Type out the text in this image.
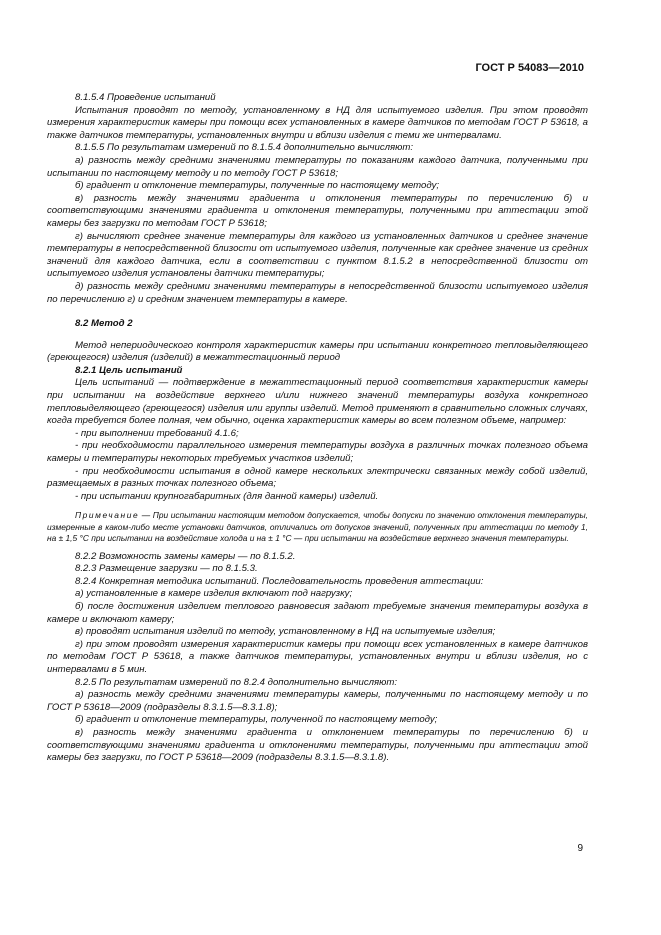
ГОСТ Р 54083—2010

8.1.5.4 Проведение испытаний

Испытания проводят по методу, установленному в НД для испытуемого изделия. При этом проводят измерения характеристик камеры при помощи всех установленных в камере датчиков по методам ГОСТ Р 53618, а также датчиков температуры, установленных внутри и вблизи изделия с теми же интервалами.

8.1.5.5 По результатам измерений по 8.1.5.4 дополнительно вычисляют:

а) разность между средними значениями температуры по показаниям каждого датчика, полученными при испытании по настоящему методу и по методу ГОСТ Р 53618;

б) градиент и отклонение температуры, полученные по настоящему методу;

в) разность между значениями градиента и отклонения температуры по перечислению б) и соответствующими значениями градиента и отклонения температуры, полученными при аттестации этой камеры без загрузки по методам ГОСТ Р 53618;

г) вычисляют среднее значение температуры для каждого из установленных датчиков и среднее значение температуры в непосредственной близости от испытуемого изделия, полученные как среднее значение из средних значений для каждого датчика, если в соответствии с пунктом 8.1.5.2 в непосредственной близости от испытуемого изделия установлены датчики температуры;

д) разность между средними значениями температуры в непосредственной близости испытуемого изделия по перечислению г) и средним значением температуры в камере.

8.2 Метод 2

Метод непериодического контроля характеристик камеры при испытании конкретного тепловыделяющего (греющегося) изделия (изделий) в межаттестационный период

8.2.1 Цель испытаний

Цель испытаний — подтверждение в межаттестационный период соответствия характеристик камеры при испытании на воздействие верхнего и/или нижнего значений температуры воздуха конкретного тепловыделяющего (греющегося) изделия или группы изделий. Метод применяют в сравнительно сложных случаях, когда требуется более полная, чем обычно, оценка характеристик камеры во всем полезном объеме, например:

- при выполнении требований 4.1.6;

- при необходимости параллельного измерения температуры воздуха в различных точках полезного объема камеры и температуры некоторых требуемых участков изделий;

- при необходимости испытания в одной камере нескольких электрически связанных между собой изделий, размещаемых в разных точках полезного объема;

- при испытании крупногабаритных (для данной камеры) изделий.

Примечание — При испытании настоящим методом допускается, чтобы допуски по значению отклонения температуры, измеренные в каком-либо месте установки датчиков, отличались от допусков значений, полученных при аттестации по методу 1, на ± 1,5 °С при испытании на воздействие холода и на ± 1 °С — при испытании на воздействие верхнего значения температуры.

8.2.2 Возможность замены камеры — по 8.1.5.2.

8.2.3 Размещение загрузки — по 8.1.5.3.

8.2.4 Конкретная методика испытаний. Последовательность проведения аттестации:

а) установленные в камере изделия включают под нагрузку;

б) после достижения изделием теплового равновесия задают требуемые значения температуры воздуха в камере и включают камеру;

в) проводят испытания изделий по методу, установленному в НД на испытуемые изделия;

г) при этом проводят измерения характеристик камеры при помощи всех установленных в камере датчиков по методам ГОСТ Р 53618, а также датчиков температуры, установленных внутри и вблизи изделия, но с интервалами в 5 мин.

8.2.5 По результатам измерений по 8.2.4 дополнительно вычисляют:

а) разность между средними значениями температуры камеры, полученными по настоящему методу и по ГОСТ Р 53618—2009 (подразделы 8.3.1.5—8.3.1.8);

б) градиент и отклонение температуры, полученной по настоящему методу;

в) разность между значениями градиента и отклонением температуры по перечислению б) и соответствующими значениями градиента и отклонениями температуры, полученными при аттестации этой камеры без загрузки, по ГОСТ Р 53618—2009 (подразделы 8.3.1.5—8.3.1.8).

9
